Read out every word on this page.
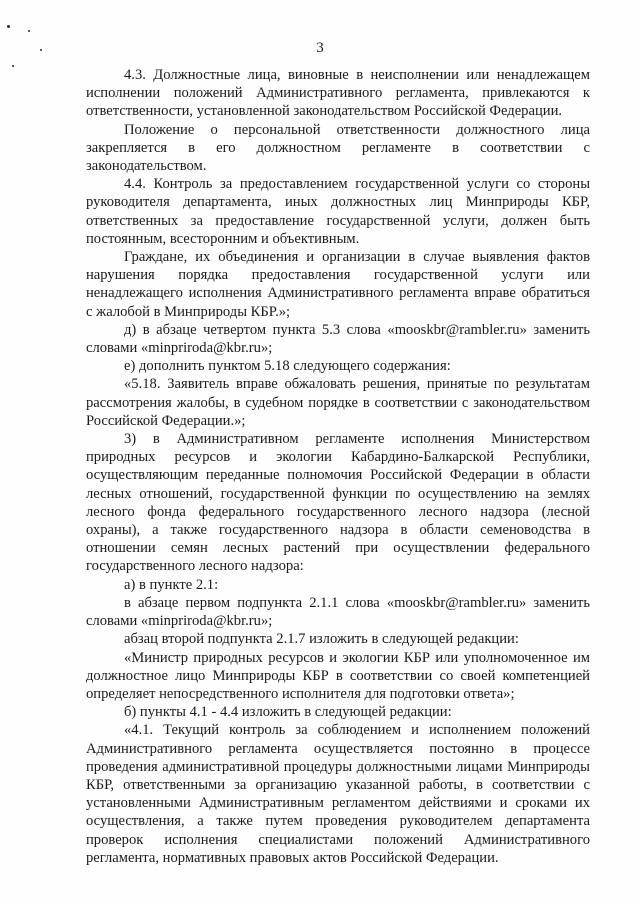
3

4.3. Должностные лица, виновные в неисполнении или ненадлежащем исполнении положений Административного регламента, привлекаются к ответственности, установленной законодательством Российской Федерации.

Положение о персональной ответственности должностного лица закрепляется в его должностном регламенте в соответствии с законодательством.

4.4. Контроль за предоставлением государственной услуги со стороны руководителя департамента, иных должностных лиц Минприроды КБР, ответственных за предоставление государственной услуги, должен быть постоянным, всесторонним и объективным.

Граждане, их объединения и организации в случае выявления фактов нарушения порядка предоставления государственной услуги или ненадлежащего исполнения Административного регламента вправе обратиться с жалобой в Минприроды КБР.»;

д) в абзаце четвертом пункта 5.3 слова «mooskbr@rambler.ru» заменить словами «minpriroda@kbr.ru»;

е) дополнить пунктом 5.18 следующего содержания:

«5.18. Заявитель вправе обжаловать решения, принятые по результатам рассмотрения жалобы, в судебном порядке в соответствии с законодательством Российской Федерации.»;

3) в Административном регламенте исполнения Министерством природных ресурсов и экологии Кабардино-Балкарской Республики, осуществляющим переданные полномочия Российской Федерации в области лесных отношений, государственной функции по осуществлению на землях лесного фонда федерального государственного лесного надзора (лесной охраны), а также государственного надзора в области семеноводства в отношении семян лесных растений при осуществлении федерального государственного лесного надзора:

а) в пункте 2.1:

в абзаце первом подпункта 2.1.1 слова «mooskbr@rambler.ru» заменить словами «minpriroda@kbr.ru»;

абзац второй подпункта 2.1.7 изложить в следующей редакции:

«Министр природных ресурсов и экологии КБР или уполномоченное им должностное лицо Минприроды КБР в соответствии со своей компетенцией определяет непосредственного исполнителя для подготовки ответа»;

б) пункты 4.1 - 4.4 изложить в следующей редакции:

«4.1. Текущий контроль за соблюдением и исполнением положений Административного регламента осуществляется постоянно в процессе проведения административной процедуры должностными лицами Минприроды КБР, ответственными за организацию указанной работы, в соответствии с установленными Административным регламентом действиями и сроками их осуществления, а также путем проведения руководителем департамента проверок исполнения специалистами положений Административного регламента, нормативных правовых актов Российской Федерации.
